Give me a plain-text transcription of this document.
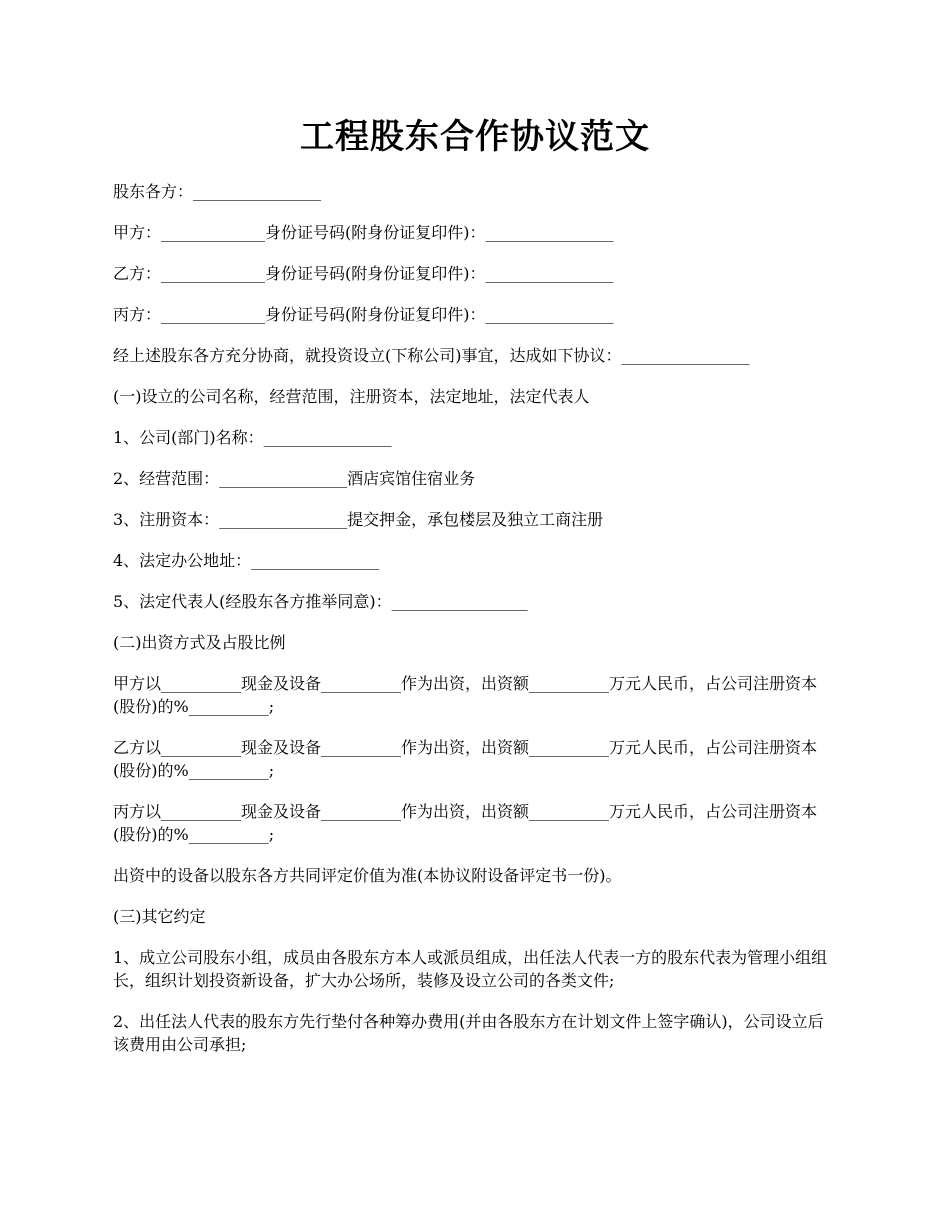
工程股东合作协议范文

股东各方：________________

甲方：_____________身份证号码(附身份证复印件)：________________

乙方：_____________身份证号码(附身份证复印件)：________________

丙方：_____________身份证号码(附身份证复印件)：________________

经上述股东各方充分协商，就投资设立(下称公司)事宜，达成如下协议：________________

(一)设立的公司名称，经营范围，注册资本，法定地址，法定代表人

1、公司(部门)名称：________________

2、经营范围：________________酒店宾馆住宿业务

3、注册资本：________________提交押金，承包楼层及独立工商注册

4、法定办公地址：________________

5、法定代表人(经股东各方推举同意)：_________________

(二)出资方式及占股比例

甲方以__________现金及设备__________作为出资，出资额__________万元人民币，占公司注册资本(股份)的%__________;

乙方以__________现金及设备__________作为出资，出资额__________万元人民币，占公司注册资本(股份)的%__________;

丙方以__________现金及设备__________作为出资，出资额__________万元人民币，占公司注册资本(股份)的%__________;

出资中的设备以股东各方共同评定价值为准(本协议附设备评定书一份)。

(三)其它约定

1、成立公司股东小组，成员由各股东方本人或派员组成，出任法人代表一方的股东代表为管理小组组长，组织计划投资新设备，扩大办公场所，装修及设立公司的各类文件;

2、出任法人代表的股东方先行垫付各种筹办费用(并由各股东方在计划文件上签字确认)，公司设立后该费用由公司承担;
